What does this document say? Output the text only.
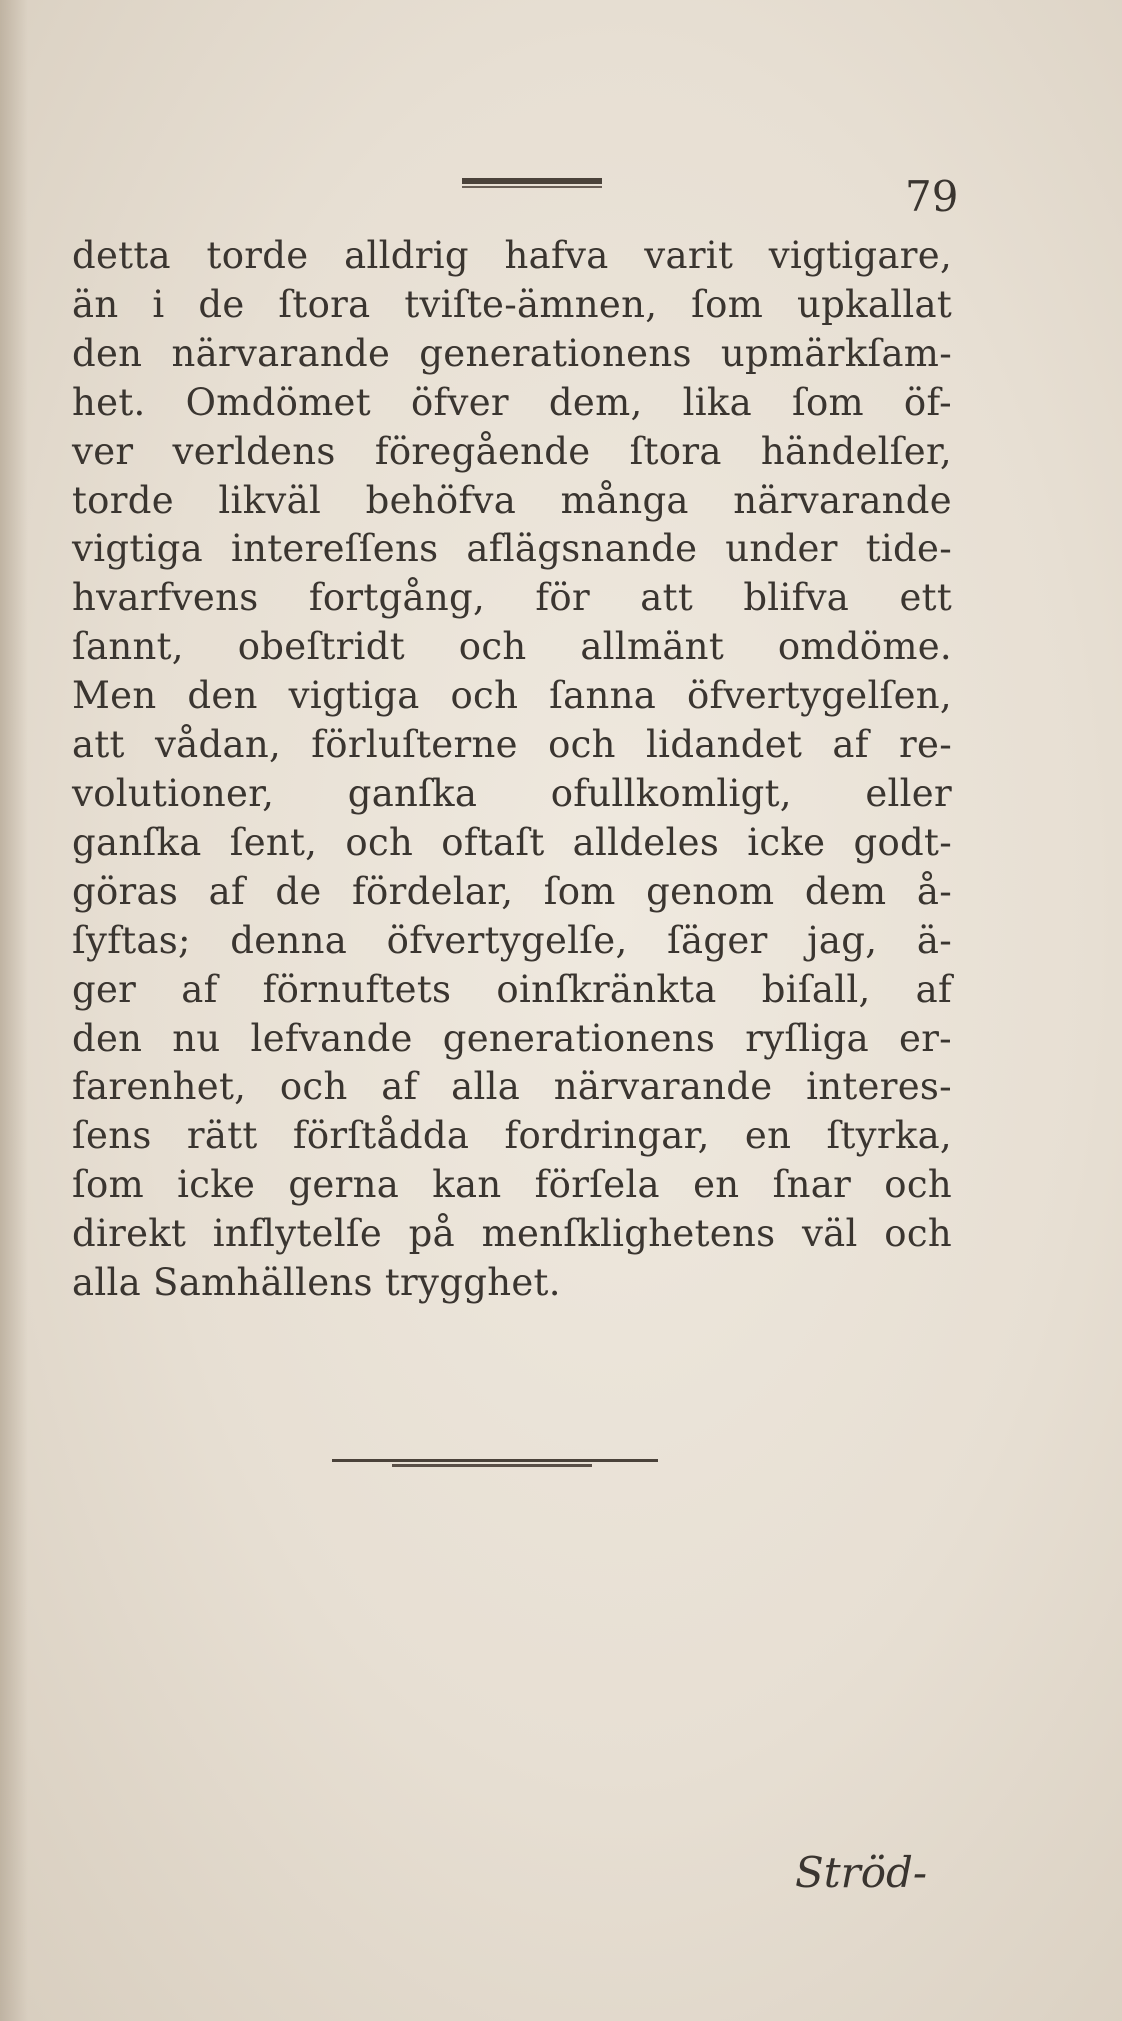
79
detta torde alldrig hafva varit vigtigare,
än i de ſtora tviſte-ämnen, ſom upkallat
den närvarande generationens upmärkſam-
het. Omdömet öfver dem, lika ſom öf-
ver verldens föregående ſtora händelſer,
torde likväl behöfva många närvarande
vigtiga intereſſens aflägsnande under tide-
hvarfvens fortgång, för att blifva ett
ſannt, obeſtridt och allmänt omdöme.
Men den vigtiga och ſanna öfvertygelſen,
att vådan, förluſterne och lidandet af re-
volutioner, ganſka ofullkomligt, eller
ganſka ſent, och oftaſt alldeles icke godt-
göras af de fördelar, ſom genom dem å-
ſyftas; denna öfvertygelſe, ſäger jag, ä-
ger af förnuftets oinſkränkta biſall, af
den nu lefvande generationens ryſliga er-
farenhet, och af alla närvarande interes-
ſens rätt förſtådda fordringar, en ſtyrka,
ſom icke gerna kan förſela en ſnar och
direkt inflytelſe på menſklighetens väl och
alla Samhällens trygghet.
Ströd-
